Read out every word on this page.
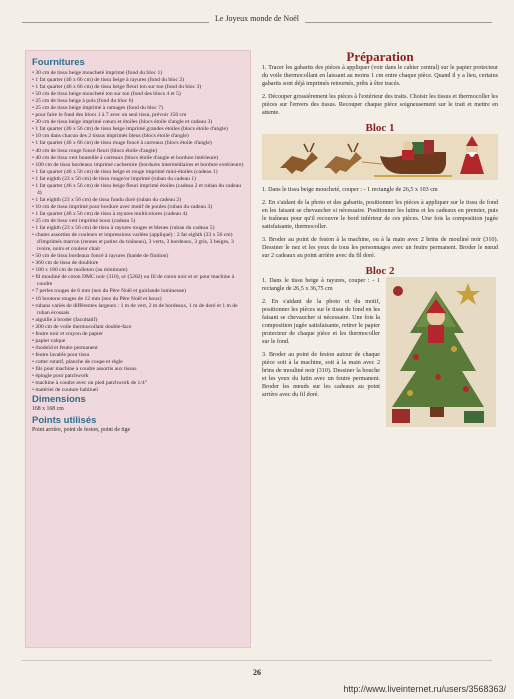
Le Joyeux monde de Noël
Fournitures
• 30 cm de tissu beige moucheté imprimé (fond du bloc 1)
• 1 fat quarter (46 x 66 cm) de tissu beige à rayures (fond du bloc 2)
• 1 fat quarter (46 x 66 cm) de tissu beige fleuri ton sur ton (fond du bloc 3)
• 50 cm de tissu beige moucheté ton sur ton (fond des blocs 4 et 5)
• 25 cm de tissu beige à pois (fond du bloc 6)
• 25 cm de tissu beige imprimé à ramages (fond du bloc 7)
• pour faire le fond des blocs 1 à 7 avec un seul tissu, prévoir 150 cm
• 30 cm de tissu beige imprimé cœurs et étoiles (blocs étoile d'angle et cadeau 3)
• 1 fat quarter (46 x 56 cm) de tissu beige imprimé grandes étoiles (blocs étoile d'angle)
• 10 cm dans chacun des 2 tissus imprimés bleus (blocs étoile d'angle)
• 1 fat quarter (46 x 66 cm) de tissu rouge foncé à carreaux (blocs étoile d'angle)
• 40 cm de tissu rouge foncé fleuri (blocs étoile d'angle)
• 40 cm de tissu vert bouteille à carreaux (blocs étoile d'angle et bordure intérieure)
• 100 cm de tissu bordeaux imprimé cachemire (bordures intermédiaires et bordure extérieure)
• 1 fat quarter (46 x 56 cm) de tissu beige et rouge imprimé mini-étoiles (cadeau 1)
• 1 fat eighth (23 x 56 cm) de tissu rouge/or imprimé (ruban du cadeau 1)
• 1 fat quarter (46 x 56 cm) de tissu beige fleuri imprimé étoiles (cadeau 2 et ruban du cadeau 4)
• 1 fat eighth (23 x 56 cm) de tissu fondu doré (ruban du cadeau 2)
• 10 cm de tissu imprimé pour bordure avec motif de poules (ruban du cadeau 3)
• 1 fat quarter (46 x 56 cm) de tissu à rayures multicolores (cadeau 4)
• 25 cm de tissu vert imprimé houx (cadeau 5)
• 1 fat eighth (23 x 56 cm) de tissu à rayures rouges et bleues (ruban du cadeau 5)
• chutes assorties de couleurs et impressions variées (appliqué) : 2 fat eighth (23 x 56 cm) d'imprimés marron (rennes et patins du traîneau), 3 verts, 3 bordeaux, 3 gris, 3 beiges, 3 ivoire, noirs et couleur chair
• 50 cm de tissu bordeaux foncé à rayures (bande de finition)
• 360 cm de tissu de doublure
• 180 x 180 cm de molleton (au minimum)
• fil mouliné de coton DMC noir (310), or (5282) ou fil de coton noir et or pour machine à coudre
• 7 perles rouges de 6 mm (nez du Père Noël et guirlande lumineuse)
• 16 boutons rouges de 12 mm (nez du Père Noël et houx)
• rubans variés de différentes largeurs : 1 m de vert, 2 m de bordeaux, 1 m de doré et 1 m de ruban écossais
• aiguille à broder (facultatif)
• 200 cm de voile thermocollant double-face
• feutre noir et crayon de papier
• papier calque
• rhodoïd et feutre permanent
• feutre lavable pour tissu
• cutter rotatif, planche de coupe et règle
• fils pour machine à coudre assortis aux tissus
• épingle pour patchwork
• machine à coudre avec un pied patchwork de 1/4"
• matériel de couture habituel
Dimensions
168 x 168 cm
Points utilisés
Point arrière, point de feston, point de tige
Préparation

1. Tracer les gabarits des pièces à appliquer (voir dans le cahier central) sur le papier protecteur du voile thermocollant en laissant au moins 1 cm entre chaque pièce. Quand il y a lieu, certains gabarits sont déjà imprimés retournés, prêts à être tracés.

2. Découper grossièrement les pièces à l'extérieur des traits. Choisir les tissus et thermocoller les pièces sur l'envers des tissus. Recouper chaque pièce soigneusement sur le trait et mettre en attente.

Bloc 1

1. Dans le tissu beige moucheté, couper : - 1 rectangle de 26,5 x 103 cm

2. En s'aidant de la photo et des gabarits, positionner les pièces à appliquer sur le tissu de fond en les faisant se chevaucher si nécessaire. Positionner les lutins et les cadeaux en premier, puis le traîneau pour qu'il recouvre le bord inférieur de ces pièces. Une fois la composition jugée satisfaisante, thermocoller.

3. Broder au point de feston à la machine, ou à la main avec 2 brins de mouliné noir (310). Dessiner le nez et les yeux de tous les personnages avec un feutre permanent. Broder le nœud sur 2 cadeaux au point arrière avec du fil doré.

Bloc 2

1. Dans le tissu beige à rayures, couper : - 1 rectangle de 26,5 x 36,75 cm

2. En s'aidant de la photo et du motif, positionner les pièces sur le tissu de fond en les faisant se chevaucher si nécessaire. Une fois la composition jugée satisfaisante, retirer le papier protecteur de chaque pièce et les thermocoller sur le fond.

3. Broder au point de feston autour de chaque pièce soit à la machine, soit à la main avec 2 brins de mouliné noir (310). Dessiner la bouche et les yeux du lutin avec un feutre permanent. Broder les nœuds sur les cadeaux au point arrière avec du fil doré.

26
http://www.liveinternet.ru/users/3568363/
